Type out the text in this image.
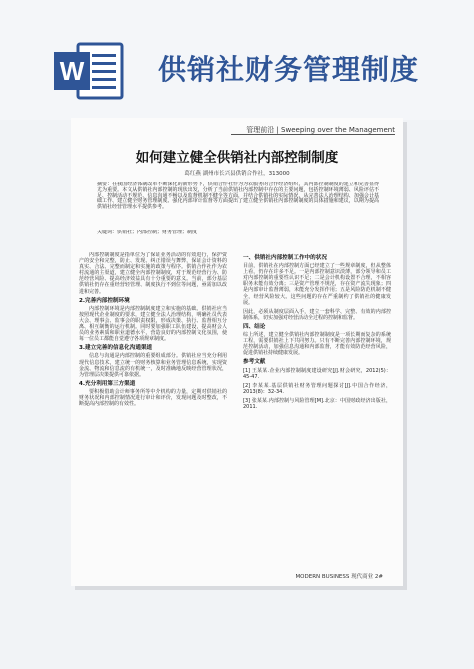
W	供销社财务管理制度
管理前沿 | Sweeping over the Management
如何建立健全供销社内部控制制度
葛红燕 湖州市长兴县供销合作社，313000
摘要：在我国经济体制改革不断深化的新形势下，供销合作社作为为农服务的合作经济组织，其内部控制制度的建立和完善显得尤为重要。本文从供销社内部控制的现状出发，分析了当前供销社内部控制中存在的主要问题，包括控制环境薄弱、风险评估不足、控制活动不规范、信息沟通不畅以及监督机制不健全等方面，并结合供销社的实际情况，从完善法人治理结构、加强会计基础工作、建立健全财务管理制度、强化内部审计监督等方面提出了建立健全供销社内部控制制度的具体措施和建议，以期为提高供销社经营管理水平提供参考。
关键词：供销社；内部控制；财务管理；制度

内部控制制度是指单位为了保证业务活动的有效进行，保护资产的安全和完整，防止、发现、纠正错误与舞弊，保证会计资料的真实、合法、完整而制定和实施的政策与程序。供销合作社作为农村流通的主渠道，建立健全内部控制制度，对于规范经营行为、防范经营风险、提高经济效益具有十分重要的意义。当前，部分基层供销社仍存在重经营轻管理、制度执行不到位等问题，亟需加以改进和完善。

2.完善内部控制环境

内部控制环境是内部控制制度建立和实施的基础。供销社应当按照现代企业制度的要求，建立健全法人治理结构，明确社员代表大会、理事会、监事会的职责权限，形成决策、执行、监督相互分离、相互制衡的运行机制。同时要加强职工队伍建设，提高财会人员的业务素质和职业道德水平，营造良好的内部控制文化氛围，使每一位员工都能自觉遵守各项规章制度。

3.建立完善的信息化沟通渠道

信息与沟通是内部控制的重要组成部分。供销社应当充分利用现代信息技术，建立统一的财务核算和业务管理信息系统，实现资金流、物流和信息流的有机统一，及时准确地反映经营管理状况，为管理层决策提供可靠依据。

4.充分利用第三方渠道

要积极借助会计师事务所等中介机构的力量，定期对供销社的财务状况和内部控制情况进行审计和评价，发现问题及时整改，不断提高内部控制的有效性。

一、供销社内部控制工作中的状况

目前，供销社在内部控制方面已经建立了一些规章制度，但从整体上看，仍存在许多不足。一是内部控制意识淡薄，部分领导和员工对内部控制的重要性认识不足；二是会计机构设置不合理，不相容职务未能有效分离；三是资产管理不规范，存在资产流失现象；四是内部审计监督薄弱，未能充分发挥作用；五是风险防范机制不健全，经营风险较大。这些问题的存在严重制约了供销社的健康发展。

因此，必须从制度层面入手，建立一套科学、完整、有效的内部控制体系，切实加强对经营活动全过程的控制和监督。

四、结论

综上所述，建立健全供销社内部控制制度是一项长期而复杂的系统工程，需要供销社上下共同努力。只有不断完善内部控制环境，规范控制活动，加强信息沟通和内部监督，才能有效防范经营风险，促进供销社持续健康发展。

参考文献

[1] 王某某.企业内部控制制度建设研究[J].财会研究，2012(5)：45-47.

[2] 李某某.基层供销社财务管理问题探讨[J].中国合作经济，2013(8)：32-34.

[3] 张某某.内部控制与风险管理[M].北京：中国财政经济出版社，2011.

MODERN BUSINESS 现代商业 2#
